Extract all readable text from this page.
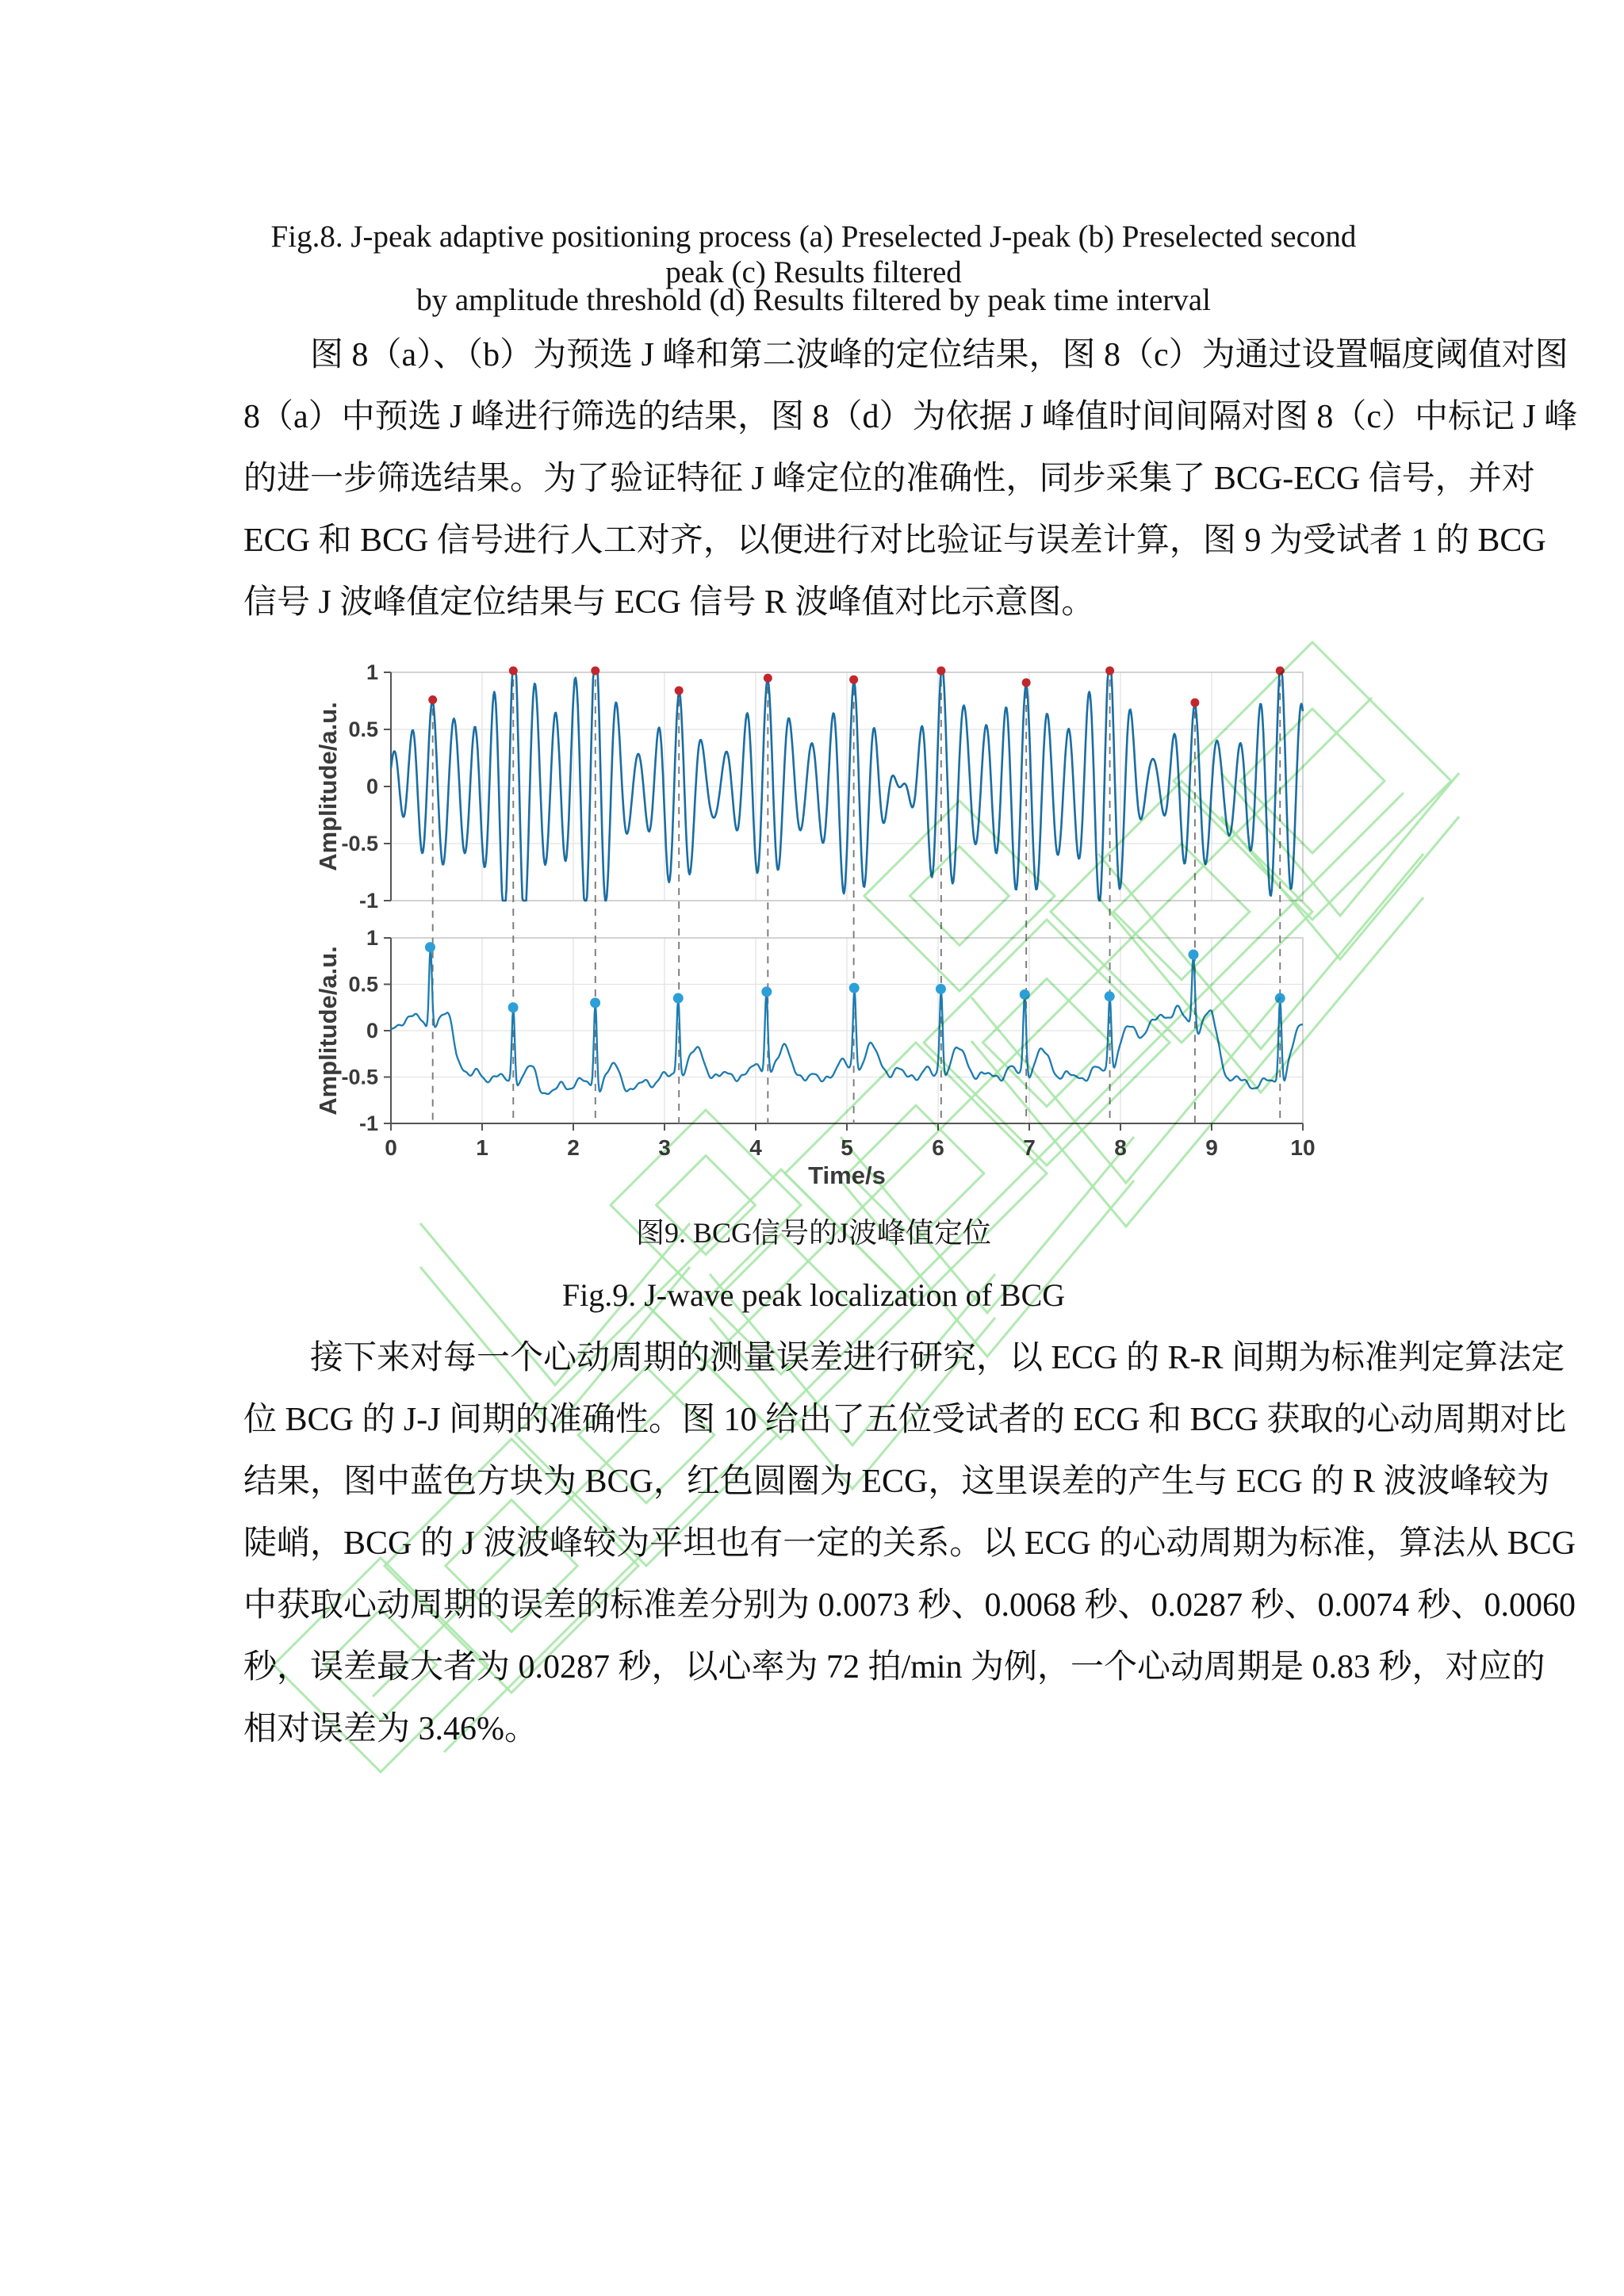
Fig.8. J-peak adaptive positioning process (a) Preselected J-peak (b) Preselected second peak (c) Results filtered
by amplitude threshold (d) Results filtered by peak time interval
图 8（a）、（b）为预选 J 峰和第二波峰的定位结果，图 8（c）为通过设置幅度阈值对图
8（a）中预选 J 峰进行筛选的结果，图 8（d）为依据 J 峰值时间间隔对图 8（c）中标记 J 峰
的进一步筛选结果。为了验证特征 J 峰定位的准确性，同步采集了 BCG-ECG 信号，并对
ECG 和 BCG 信号进行人工对齐，以便进行对比验证与误差计算，图 9 为受试者 1 的 BCG
信号 J 波峰值定位结果与 ECG 信号 R 波峰值对比示意图。
1
0.5
0
-0.5
-1
Amplitude/a.u.
1
0.5
0
-0.5
-1
Amplitude/a.u.
0	1	2	3	4	5	6	7	8	9	10
Time/s
图9. BCG信号的J波峰值定位
Fig.9. J-wave peak localization of BCG
接下来对每一个心动周期的测量误差进行研究，以 ECG 的 R-R 间期为标准判定算法定
位 BCG 的 J-J 间期的准确性。图 10 给出了五位受试者的 ECG 和 BCG 获取的心动周期对比
结果，图中蓝色方块为 BCG，红色圆圈为 ECG，这里误差的产生与 ECG 的 R 波波峰较为
陡峭，BCG 的 J 波波峰较为平坦也有一定的关系。以 ECG 的心动周期为标准，算法从 BCG
中获取心动周期的误差的标准差分别为 0.0073 秒、0.0068 秒、0.0287 秒、0.0074 秒、0.0060
秒，误差最大者为 0.0287 秒，以心率为 72 拍/min 为例，一个心动周期是 0.83 秒，对应的
相对误差为 3.46%。
